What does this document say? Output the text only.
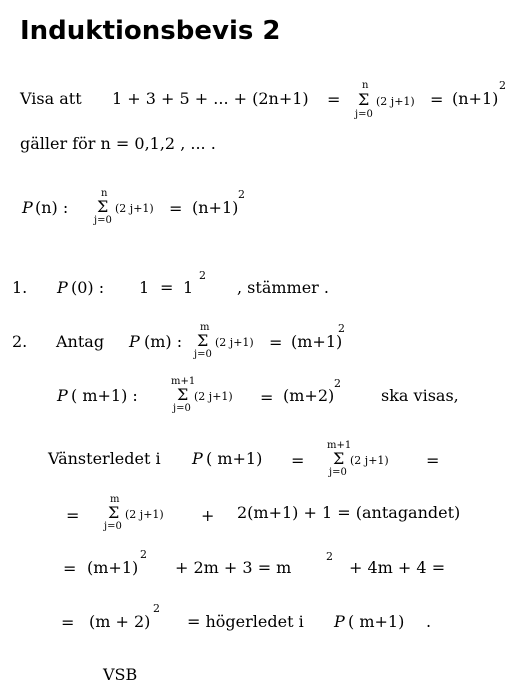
Induktionsbevis 2
Visa att 1 + 3 + 5 + ... + (2n+1) =
n
Σ
j=0
(2 j+1) = (n+1)
2
gäller för n = 0,1,2 , ... .
P (n) :
n
Σ
j=0
(2 j+1) = (n+1)
2
1. P (0) : 1 = 1
2
, stämmer .
2. Antag P (m) :
m
Σ
j=0
(2 j+1) = (m+1)
2
P ( m+1) :
m+1
Σ
j=0
(2 j+1) = (m+2)
2
ska visas,
Vänsterledet i P ( m+1) =
m+1
Σ
j=0
(2 j+1) =
=
m
Σ
j=0
(2 j+1) + 2(m+1) + 1 = (antagandet)
= (m+1)
2
+ 2m + 3 = m
2
+ 4m + 4 =
= (m + 2)
2
= högerledet i P ( m+1) .
VSB
